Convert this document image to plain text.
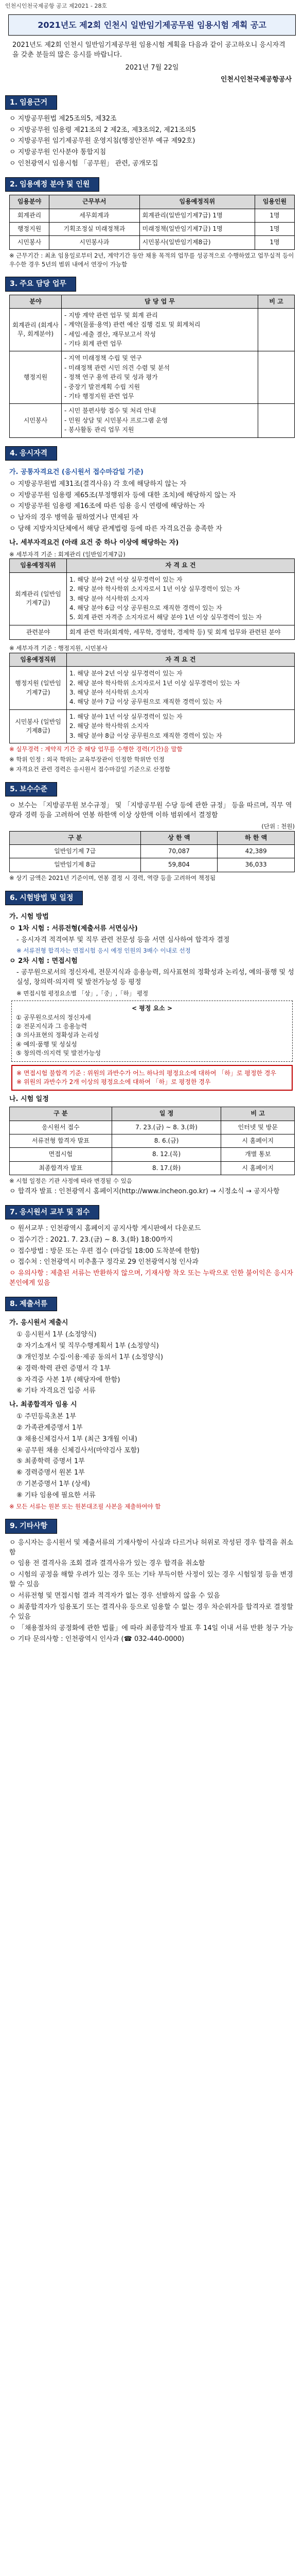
인천시인천국제공항 공고 제2021 - 28호
2021년도 제2회 인천시 일반임기제공무원 임용시험 계획 공고
2021년도 제2회 인천시 일반임기제공무원 임용시험 계획을 다음과 같이 공고하오니 응시자격을 갖춘 분들의 많은 응시를 바랍니다.
2021년 7월 22일
인천시인천국제공항공사
1. 임용근거
ㅇ 지방공무원법 제25조의5, 제32조
ㅇ 지방공무원 임용령 제21조의 2 제2조, 제3조의2, 제21조의5
ㅇ 지방공무원 임기제공무원 운영지침(행정안전부 예규 제92호)
ㅇ 지방공무원 인사분야 통합지침
ㅇ 인천광역시 임용시험 「공무원」 관련, 공개모집
2. 임용예정 분야 및 인원
임용분야	근무부서	임용예정직위	임용인원
회계관리	세무회계과	회계관리(일반임기제7급) 1명	1명
행정지원	기획조정실 미래정책과	미래정책(일반임기제7급) 1명	1명
시민봉사	시민봉사과	시민봉사(일반임기제8급)	1명
※ 근무기간 : 최초 임용일로부터 2년, 계약기간 동안 채용 목적의 업무를 성공적으로 수행하였고 업무실적 등이 우수한 경우 5년의 범위 내에서 연장이 가능함
3. 주요 담당 업무
분야	담 당 업 무	비 고
회계관리 (회계사무, 회계분야)	- 지방 계약 관련 업무 및 회계 관리
- 계약(물품·용역) 관련 예산 집행 검토 및 회계처리
- 세입·세출 결산, 재무보고서 작성
- 기타 회계 관련 업무	

행정지원	- 지역 미래정책 수립 및 연구
- 미래정책 관련 시민 의견 수렴 및 분석
- 정책 연구 용역 관리 및 성과 평가
- 중장기 발전계획 수립 지원
- 기타 행정지원 관련 업무	

시민봉사	- 시민 불편사항 접수 및 처리 안내
- 민원 상담 및 시민봉사 프로그램 운영
- 봉사활동 관리 업무 지원	

4. 응시자격
가. 공통자격요건 (응시원서 접수마감일 기준)
ㅇ 지방공무원법 제31조(결격사유) 각 호에 해당하지 않는 자
ㅇ 지방공무원 임용령 제65조(부정행위자 등에 대한 조치)에 해당하지 않는 자
ㅇ 지방공무원 임용령 제16조에 따른 임용 응시 연령에 해당하는 자
ㅇ 남자의 경우 병역을 필하였거나 면제된 자
ㅇ 당해 지방자치단체에서 해당 관계법령 등에 따른 자격요건을 충족한 자
나. 세부자격요건 (아래 요건 중 하나 이상에 해당하는 자)
※ 세부자격 기준 : 회계관리 (일반임기제7급)
임용예정직위	자 격 요 건
회계관리 (일반임기제7급)	1. 해당 분야 2년 이상 실무경력이 있는 자
2. 해당 분야 학사학위 소지자로서 1년 이상 실무경력이 있는 자
3. 해당 분야 석사학위 소지자
4. 해당 분야 6급 이상 공무원으로 재직한 경력이 있는 자
5. 회계 관련 자격증 소지자로서 해당 분야 1년 이상 실무경력이 있는 자

관련분야	회계 관련 학과(회계학, 세무학, 경영학, 경제학 등) 및 회계 업무와 관련된 분야
※ 세부자격 기준 : 행정지원, 시민봉사
임용예정직위	자 격 요 건
행정지원 (일반임기제7급)	1. 해당 분야 2년 이상 실무경력이 있는 자
2. 해당 분야 학사학위 소지자로서 1년 이상 실무경력이 있는 자
3. 해당 분야 석사학위 소지자
4. 해당 분야 7급 이상 공무원으로 재직한 경력이 있는 자

시민봉사 (일반임기제8급)	1. 해당 분야 1년 이상 실무경력이 있는 자
2. 해당 분야 학사학위 소지자
3. 해당 분야 8급 이상 공무원으로 재직한 경력이 있는 자
※ 실무경력 : 계약직 기간 중 해당 업무를 수행한 경력(기간)을 말함
※ 학위 인정 : 외국 학위는 교육부장관이 인정한 학위만 인정
※ 자격요건 관련 경력은 응시원서 접수마감일 기준으로 산정함
5. 보수수준
ㅇ 보수는 「지방공무원 보수규정」 및 「지방공무원 수당 등에 관한 규정」 등을 따르며, 직무 역량과 경력 등을 고려하여 연봉 하한액 이상 상한액 이하 범위에서 결정함
(단위 : 천원)
구 분	상 한 액	하 한 액
일반임기제 7급	70,087	42,389
일반임기제 8급	59,804	36,033
※ 상기 금액은 2021년 기준이며, 연봉 결정 시 경력, 역량 등을 고려하여 책정됨
6. 시험방법 및 일정
가. 시험 방법
ㅇ 1차 시험 : 서류전형(제출서류 서면심사)
- 응시자격 적격여부 및 직무 관련 전문성 등을 서면 심사하여 합격자 결정
※ 서류전형 합격자는 면접시험 응시 예정 인원의 3배수 이내로 선정
ㅇ 2차 시험 : 면접시험
- 공무원으로서의 정신자세, 전문지식과 응용능력, 의사표현의 정확성과 논리성, 예의·품행 및 성실성, 창의력·의지력 및 발전가능성 등 평정
※ 면접시험 평정요소별 「상」,「중」,「하」 평정
< 평정 요소 >
① 공무원으로서의 정신자세
② 전문지식과 그 응용능력
③ 의사표현의 정확성과 논리성
④ 예의·품행 및 성실성
⑤ 창의력·의지력 및 발전가능성
※ 면접시험 불합격 기준 : 위원의 과반수가 어느 하나의 평정요소에 대하여 「하」로 평정한 경우
※ 위원의 과반수가 2개 이상의 평정요소에 대하여 「하」로 평정한 경우
나. 시험 일정
구 분	일 정	비 고
응시원서 접수	7. 23.(금) ~ 8. 3.(화)	인터넷 및 방문
서류전형 합격자 발표	8. 6.(금)	시 홈페이지
면접시험	8. 12.(목)	개별 통보
최종합격자 발표	8. 17.(화)	시 홈페이지
※ 시험 일정은 기관 사정에 따라 변경될 수 있음
ㅇ 합격자 발표 : 인천광역시 홈페이지(http://www.incheon.go.kr) → 시정소식 → 공지사항
7. 응시원서 교부 및 접수
ㅇ 원서교부 : 인천광역시 홈페이지 공지사항 게시판에서 다운로드
ㅇ 접수기간 : 2021. 7. 23.(금) ~ 8. 3.(화) 18:00까지
ㅇ 접수방법 : 방문 또는 우편 접수 (마감일 18:00 도착분에 한함)
ㅇ 접수처 : 인천광역시 미추홀구 정각로 29 인천광역시청 인사과
ㅇ 유의사항 : 제출된 서류는 반환하지 않으며, 기재사항 착오 또는 누락으로 인한 불이익은 응시자 본인에게 있음
8. 제출서류
가. 응시원서 제출시
① 응시원서 1부 (소정양식)
② 자기소개서 및 직무수행계획서 1부 (소정양식)
③ 개인정보 수집·이용·제공 동의서 1부 (소정양식)
④ 경력·학력 관련 증명서 각 1부
⑤ 자격증 사본 1부 (해당자에 한함)
⑥ 기타 자격요건 입증 서류
나. 최종합격자 임용 시
① 주민등록초본 1부
② 가족관계증명서 1부
③ 채용신체검사서 1부 (최근 3개월 이내)
④ 공무원 채용 신체검사서(마약검사 포함)
⑤ 최종학력 증명서 1부
⑥ 경력증명서 원본 1부
⑦ 기본증명서 1부 (상세)
⑧ 기타 임용에 필요한 서류
※ 모든 서류는 원본 또는 원본대조필 사본을 제출하여야 함
9. 기타사항
ㅇ 응시자는 응시원서 및 제출서류의 기재사항이 사실과 다르거나 허위로 작성된 경우 합격을 취소함
ㅇ 임용 전 결격사유 조회 결과 결격사유가 있는 경우 합격을 취소함
ㅇ 시험의 공정을 해할 우려가 있는 경우 또는 기타 부득이한 사정이 있는 경우 시험일정 등을 변경할 수 있음
ㅇ 서류전형 및 면접시험 결과 적격자가 없는 경우 선발하지 않을 수 있음
ㅇ 최종합격자가 임용포기 또는 결격사유 등으로 임용할 수 없는 경우 차순위자를 합격자로 결정할 수 있음
ㅇ 「채용절차의 공정화에 관한 법률」에 따라 최종합격자 발표 후 14일 이내 서류 반환 청구 가능
ㅇ 기타 문의사항 : 인천광역시 인사과 (☎ 032-440-0000)
